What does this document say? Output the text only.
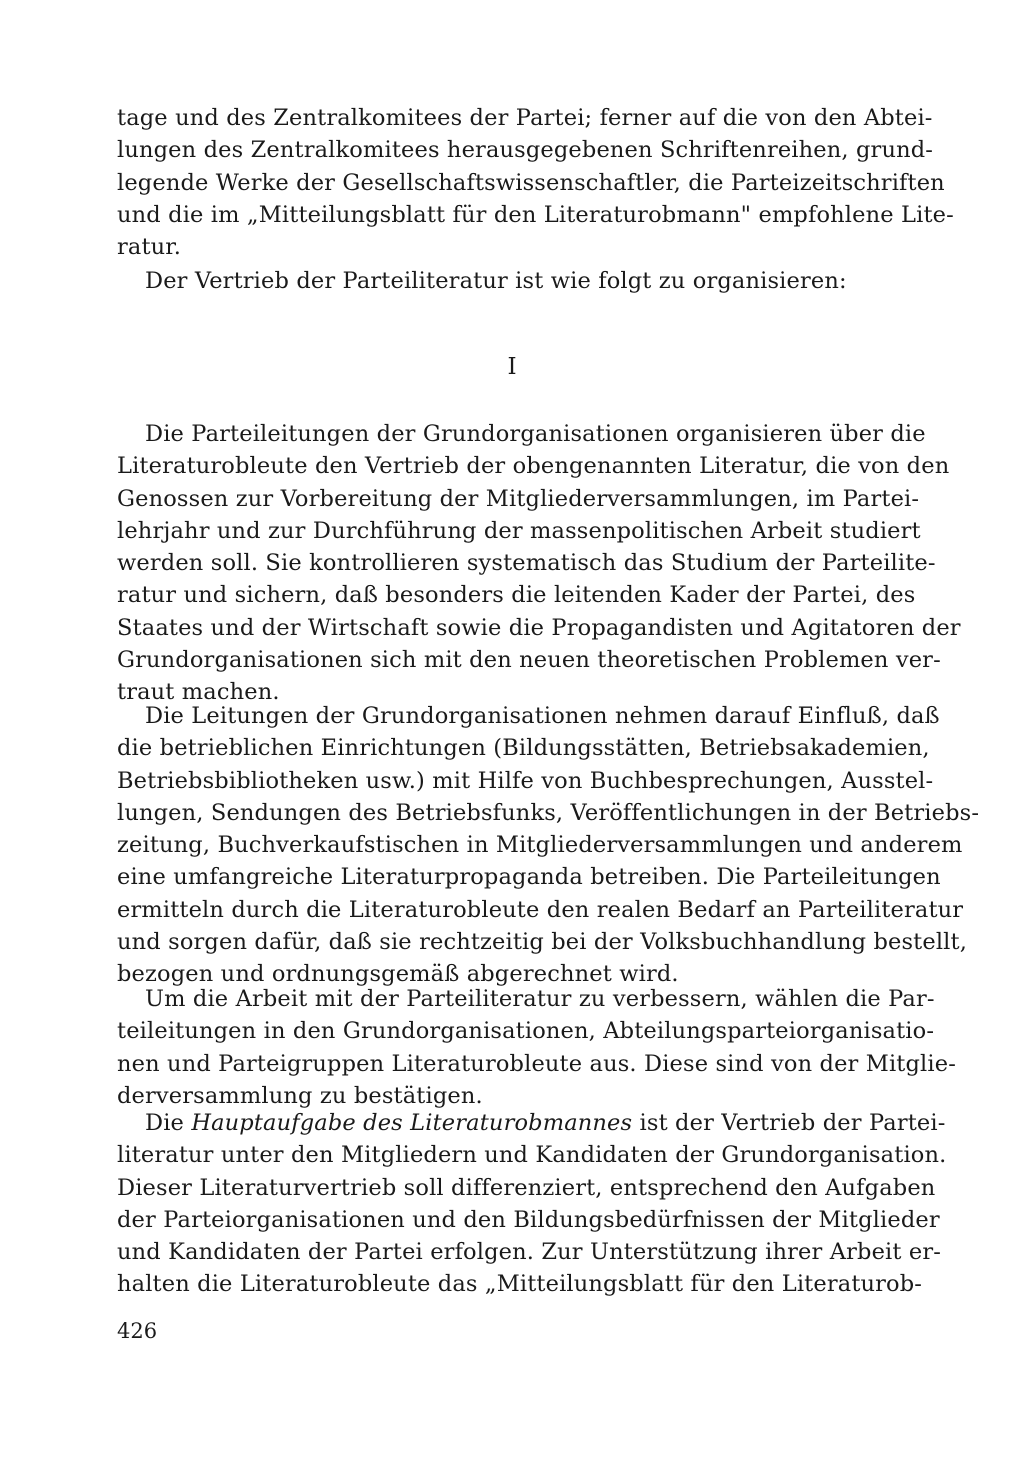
tage und des Zentralkomitees der Partei; ferner auf die von den Abtei-
lungen des Zentralkomitees herausgegebenen Schriftenreihen, grund-
legende Werke der Gesellschaftswissenschaftler, die Parteizeitschriften
und die im „Mitteilungsblatt für den Literaturobmann" empfohlene Lite-
ratur.
Der Vertrieb der Parteiliteratur ist wie folgt zu organisieren:
I
Die Parteileitungen der Grundorganisationen organisieren über die
Literaturobleute den Vertrieb der obengenannten Literatur, die von den
Genossen zur Vorbereitung der Mitgliederversammlungen, im Partei-
lehrjahr und zur Durchführung der massenpolitischen Arbeit studiert
werden soll. Sie kontrollieren systematisch das Studium der Parteilite-
ratur und sichern, daß besonders die leitenden Kader der Partei, des
Staates und der Wirtschaft sowie die Propagandisten und Agitatoren der
Grundorganisationen sich mit den neuen theoretischen Problemen ver-
traut machen.
Die Leitungen der Grundorganisationen nehmen darauf Einfluß, daß
die betrieblichen Einrichtungen (Bildungsstätten, Betriebsakademien,
Betriebsbibliotheken usw.) mit Hilfe von Buchbesprechungen, Ausstel-
lungen, Sendungen des Betriebsfunks, Veröffentlichungen in der Betriebs-
zeitung, Buchverkaufstischen in Mitgliederversammlungen und anderem
eine umfangreiche Literaturpropaganda betreiben. Die Parteileitungen
ermitteln durch die Literaturobleute den realen Bedarf an Parteiliteratur
und sorgen dafür, daß sie rechtzeitig bei der Volksbuchhandlung bestellt,
bezogen und ordnungsgemäß abgerechnet wird.
Um die Arbeit mit der Parteiliteratur zu verbessern, wählen die Par-
teileitungen in den Grundorganisationen, Abteilungsparteiorganisatio-
nen und Parteigruppen Literaturobleute aus. Diese sind von der Mitglie-
derversammlung zu bestätigen.
Die Hauptaufgabe des Literaturobmannes ist der Vertrieb der Partei-
literatur unter den Mitgliedern und Kandidaten der Grundorganisation.
Dieser Literaturvertrieb soll differenziert, entsprechend den Aufgaben
der Parteiorganisationen und den Bildungsbedürfnissen der Mitglieder
und Kandidaten der Partei erfolgen. Zur Unterstützung ihrer Arbeit er-
halten die Literaturobleute das „Mitteilungsblatt für den Literaturob-
426
